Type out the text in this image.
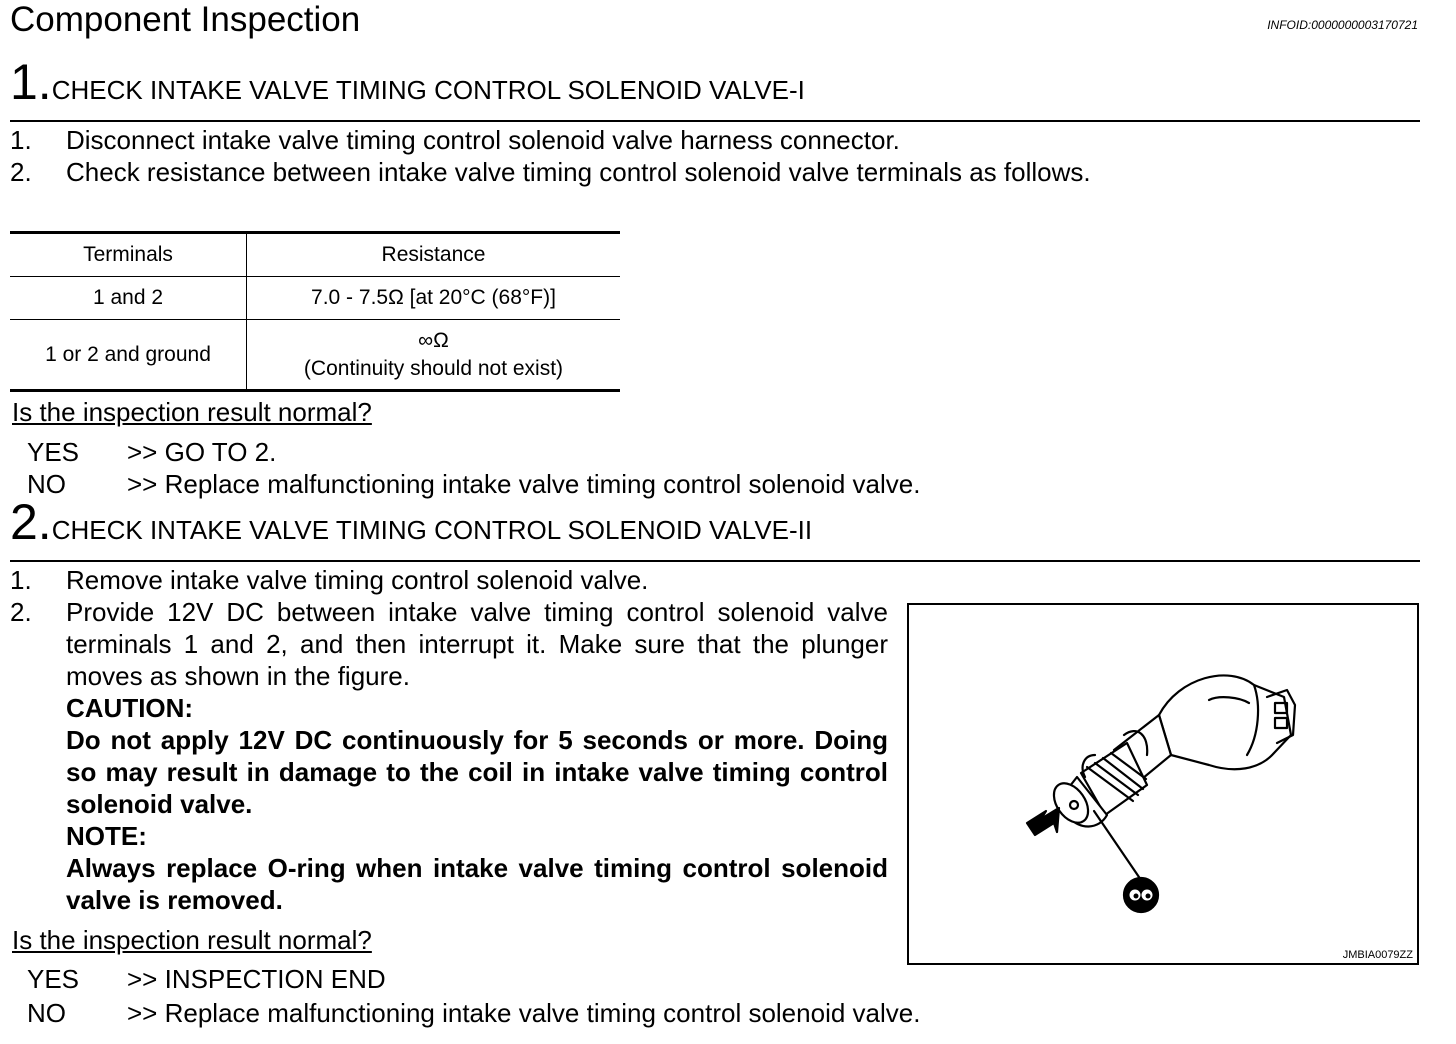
Component Inspection	INFOID:0000000003170721
1.CHECK INTAKE VALVE TIMING CONTROL SOLENOID VALVE-I
1. Disconnect intake valve timing control solenoid valve harness connector.
2. Check resistance between intake valve timing control solenoid valve terminals as follows.
Terminals	Resistance
1 and 2	7.0 - 7.5Ω [at 20°C (68°F)]
1 or 2 and ground	∞Ω
(Continuity should not exist)
Is the inspection result normal?
YES >> GO TO 2.
NO >> Replace malfunctioning intake valve timing control solenoid valve.
2.CHECK INTAKE VALVE TIMING CONTROL SOLENOID VALVE-II
1. Remove intake valve timing control solenoid valve.
2. Provide 12V DC between intake valve timing control solenoid valve terminals 1 and 2, and then interrupt it. Make sure that the plunger moves as shown in the figure.
CAUTION:
Do not apply 12V DC continuously for 5 seconds or more. Doing so may result in damage to the coil in intake valve timing control solenoid valve.
NOTE:
Always replace O-ring when intake valve timing control solenoid valve is removed.
JMBIA0079ZZ
Is the inspection result normal?
YES >> INSPECTION END
NO >> Replace malfunctioning intake valve timing control solenoid valve.
